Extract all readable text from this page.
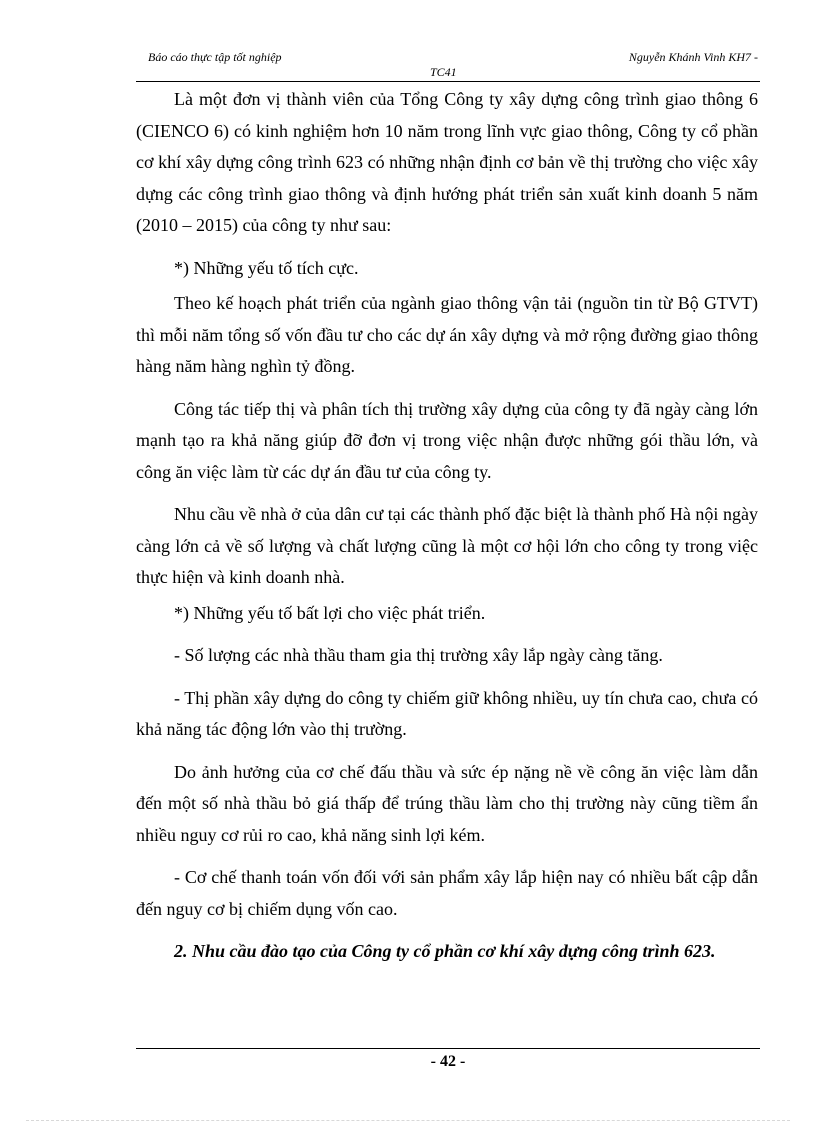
Báo cáo thực tập tốt nghiệp	Nguyễn Khánh Vinh KH7 -
TC41

Là một đơn vị thành viên của Tổng Công ty xây dựng công trình giao thông 6 (CIENCO 6) có kinh nghiệm hơn 10 năm trong lĩnh vực giao thông, Công ty cổ phần cơ khí xây dựng công trình 623 có những nhận định cơ bản về thị trường cho việc xây dựng các công trình giao thông và định hướng phát triển sản xuất kinh doanh 5 năm (2010 – 2015) của công ty như sau:

*) Những yếu tố tích cực.

Theo kế hoạch phát triển của ngành giao thông vận tải (nguồn tin từ Bộ GTVT) thì mỗi năm tổng số vốn đầu tư cho các dự án xây dựng và mở rộng đường giao thông hàng năm hàng nghìn tỷ đồng.

Công tác tiếp thị và phân tích thị trường xây dựng của công ty đã ngày càng lớn mạnh tạo ra khả năng giúp đỡ đơn vị trong việc nhận được những gói thầu lớn, và công ăn việc làm từ các dự án đầu tư của công ty.

Nhu cầu về nhà ở của dân cư tại các thành phố đặc biệt là thành phố Hà nội ngày càng lớn cả về số lượng và chất lượng cũng là một cơ hội lớn cho công ty trong việc thực hiện và kinh doanh nhà.

*) Những yếu tố bất lợi cho việc phát triển.

- Số lượng các nhà thầu tham gia thị trường xây lắp ngày càng tăng.

- Thị phần xây dựng do công ty chiếm giữ không nhiều, uy tín chưa cao, chưa có khả năng tác động lớn vào thị trường.

Do ảnh hưởng của cơ chế đấu thầu và sức ép nặng nề về công ăn việc làm dẫn đến một số nhà thầu bỏ giá thấp để trúng thầu làm cho thị trường này cũng tiềm ẩn nhiều nguy cơ rủi ro cao, khả năng sinh lợi kém.

- Cơ chế thanh toán vốn đối với sản phẩm xây lắp hiện nay có nhiều bất cập dẫn đến nguy cơ bị chiếm dụng vốn cao.

2. Nhu cầu đào tạo của Công ty cổ phần cơ khí xây dựng công trình 623.

- 42 -
